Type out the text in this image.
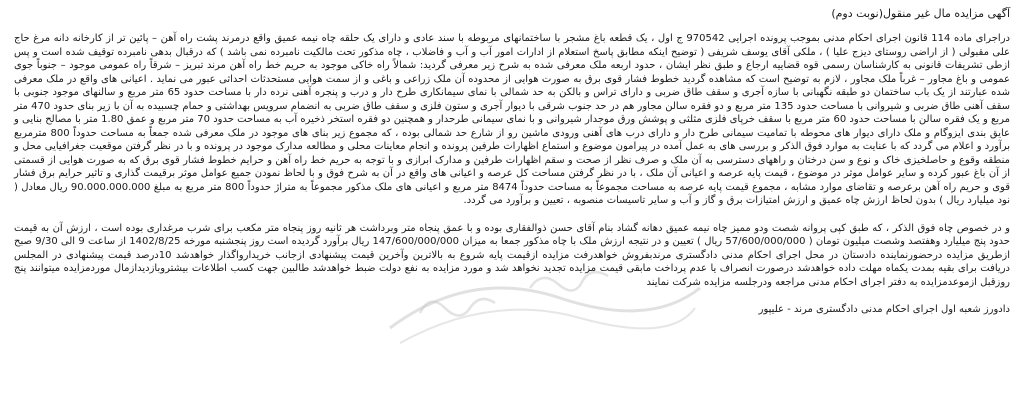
آگهی مزایده مال غیر منقول(نوبت دوم)

دراجرای ماده 114 قانون اجرای احکام مدنی بموجب پرونده اجرایی 970542 ج اول ، یک قطعه باغ مشجر با ساختمانهای مربوطه با سند عادی و دارای یک حلقه چاه نیمه عمیق واقع درمرند پشت راه آهن – پائین تر از کارخانه دانه مرغ حاج علی مقبولی ( از اراضی روستای دیزج علیا ) ، ملکی آقای یوسف شریفی ( توضیح اینکه مطابق پاسخ استعلام از ادارات امور آب و آب و فاضلاب ، چاه مذکور تحت مالکیت نامبرده نمی باشد ) که درقبال بدهی نامبرده توقیف شده است و پس ازطی تشریفات قانونی به کارشناسان رسمی قوه قضاییه ارجاع و طبق نظر ایشان ، حدود اربعه ملک معرفی شده به شرح زیر معرفی گردید: شمالاً راه خاکی موجود به حریم خط راه آهن مرند تبریز – شرقاً راه عمومی موجود – جنوباً جوی عمومی و باغ مجاور – غرباً ملک مجاور ، لازم به توضیح است که مشاهده گردید خطوط فشار قوی برق به صورت هوایی از محدوده آن ملک زراعی و باغی و از سمت هوایی مستحدثات احداثی عبور می نماید . اعیانی های واقع در ملک معرفی شده عبارتند از یک باب ساختمان دو طبقه نگهبانی با سازه آجری و سقف طاق ضربی و دارای تراس و بالکن به حد شمالی با نمای سیمانکاری طرح دار و درب و پنجره آهنی نرده دار با مساحت حدود 65 متر مربع و سالنهای موجود جنوبی با سقف آهنی طاق ضربی و شیروانی با مساحت حدود 135 متر مربع و دو فقره سالن مجاور هم در حد جنوب شرقی با دیوار آجری و ستون فلزی و سقف طاق ضربی به انضمام سرویس بهداشتی و حمام چسبیده به آن با زیر بنای حدود 470 متر مربع و یک فقره سالن با مساحت حدود 60 متر مربع با سقف خرپای فلزی مثلثی و پوشش ورق موجدار شیروانی و با نمای سیمانی طرحدار و همچنین دو فقره استخر ذخیره آب به مساحت حدود 70 متر مربع و عمق 1.80 متر با مصالح بنایی و عایق بندی ایزوگام و ملک دارای دیوار های محوطه با تمامیت سیمانی طرح دار و دارای درب های آهنی ورودی ماشین رو از شارع حد شمالی بوده ، که مجموع زیر بنای های موجود در ملک معرفی شده جمعاً به مساحت حدوداً 800 مترمربع برآورد و اعلام می گردد که با عنایت به موارد فوق الذکر و بررسی های به عمل آمده در پیرامون موضوع و استماع اظهارات طرفین پرونده و انجام معاینات محلی و مطالعه مدارک موجود در پرونده و با در نظر گرفتن موقعیت جغرافیایی محل و منطقه وقوع و حاصلخیزی خاک و نوع و سن درختان و راههای دسترسی به آن ملک و صرف نظر از صحت و سقم اظهارات طرفین و مدارک ابرازی و با توجه به حریم خط راه آهن و حرایم خطوط فشار قوی برق که به صورت هوایی از قسمتی از آن باغ عبور کرده و سایر عوامل موثر در موضوع ، قیمت پایه عرصه و اعیانی آن ملک ، با در نظر گرفتن مساحت کل عرصه و اعیانی های واقع در آن به شرح فوق و با لحاظ نمودن جمیع عوامل موثر برقیمت گذاری و تاثیر حرایم برق فشار قوی و حریم راه آهن برعرصه و تقاضای موارد مشابه ، مجموع قیمت پایه عرصه به مساحت مجموعاً به مساحت حدوداً 8474 متر مربع و اعیانی های ملک مذکور مجموعاً به متراژ حدوداً 800 متر مربع به مبلغ 90.000.000.000 ریال معادل ( نود میلیارد ریال ) بدون لحاظ ارزش چاه عمیق و ارزش امتیازات برق و گاز و آب و سایر تاسیسات منصوبه ، تعیین و برآورد می گردد.

و در خصوص چاه فوق الذکر ، که طبق کپی پروانه شصت ودو ممیز چاه نیمه عمیق دهانه گشاد بنام آقای حسن ذوالفقاری بوده و با عمق پنجاه متر وبرداشت هر ثانیه روز پنجاه متر مکعب برای شرب مرغداری بوده است ، ارزش آن به قیمت حدود پنج میلیارد وهفتصد وشصت میلیون تومان ( 57/600/000/000 ریال ) تعیین و در نتیجه ارزش ملک با چاه مذکور جمعا به میزان 147/600/000/000 ریال برآورد گردیده است روز پنجشنبه مورخه 1402/8/25 از ساعت 9 الی 9/30 صبح ازطریق مزایده درحضورنماینده دادستان در محل اجرای احکام مدنی دادگستری مرندبفروش خواهدرفت مزایده ازقیمت پایه شروع به بالاترین وآخرین قیمت پیشنهادی ازجانب خریدارواگذار خواهدشد 10درصد قیمت پیشنهادی در المجلس دریافت برای بقیه بمدت یکماه مهلت داده خواهدشد درصورت انصراف یا عدم پرداخت مابقی قیمت مزایده تجدید نخواهد شد و مورد مزایده به نفع دولت ضبط خواهدشد طالبین جهت کسب اطلاعات بیشتروبازدیدازمال موردمزایده میتوانند پنج روزقبل ازموعدمزایده به دفتر اجرای احکام مدنی مراجعه ودرجلسه مزایده شرکت نمایند

دادورز شعبه اول اجرای احکام مدنی دادگستری مرند - علیپور
